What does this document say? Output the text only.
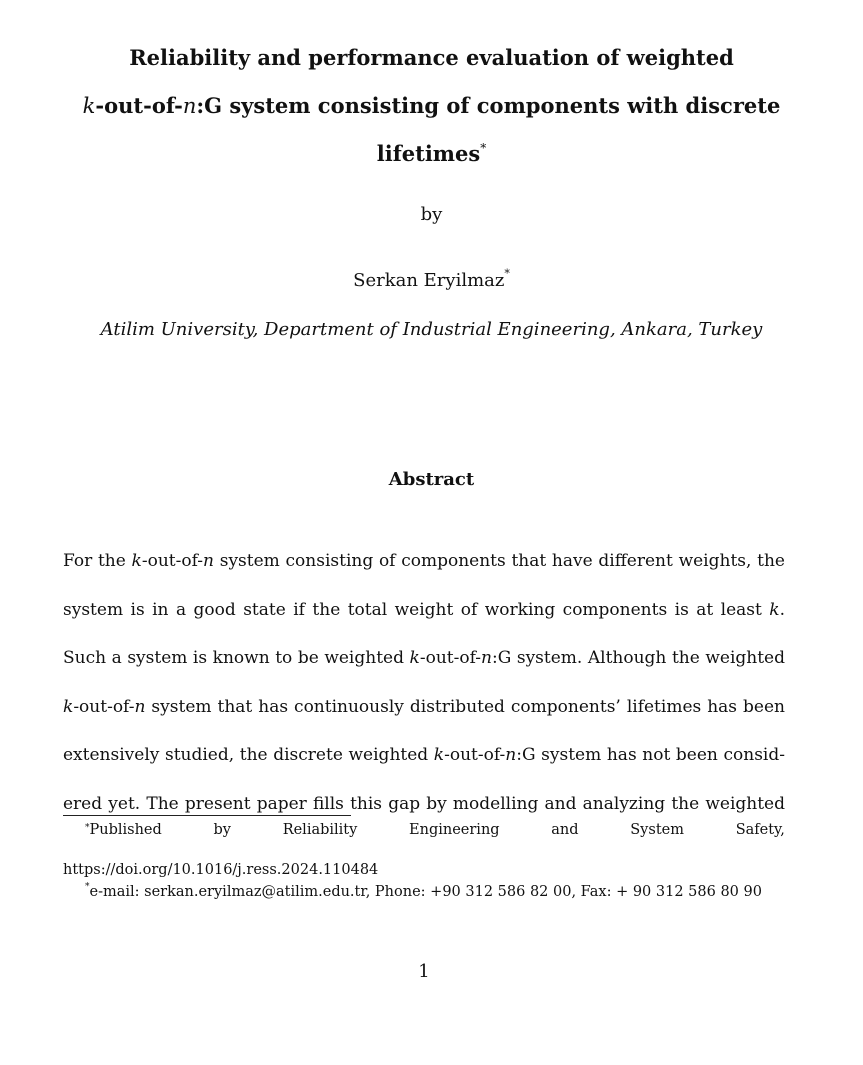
Reliability and performance evaluation of weighted
k-out-of-n:G system consisting of components with discrete
lifetimes*
by
Serkan Eryilmaz*
Atilim University, Department of Industrial Engineering, Ankara, Turkey
Abstract
For the k-out-of-n system consisting of components that have different weights, the
system is in a good state if the total weight of working components is at least k.
Such a system is known to be weighted k-out-of-n:G system. Although the weighted
k-out-of-n system that has continuously distributed components’ lifetimes has been
extensively studied, the discrete weighted k-out-of-n:G system has not been consid-
ered yet. The present paper fills this gap by modelling and analyzing the weighted
*Published	by	Reliability	Engineering	and	System	Safety,
https://doi.org/10.1016/j.ress.2024.110484
*e-mail: serkan.eryilmaz@atilim.edu.tr, Phone: +90 312 586 82 00, Fax: + 90 312 586 80 90
1
